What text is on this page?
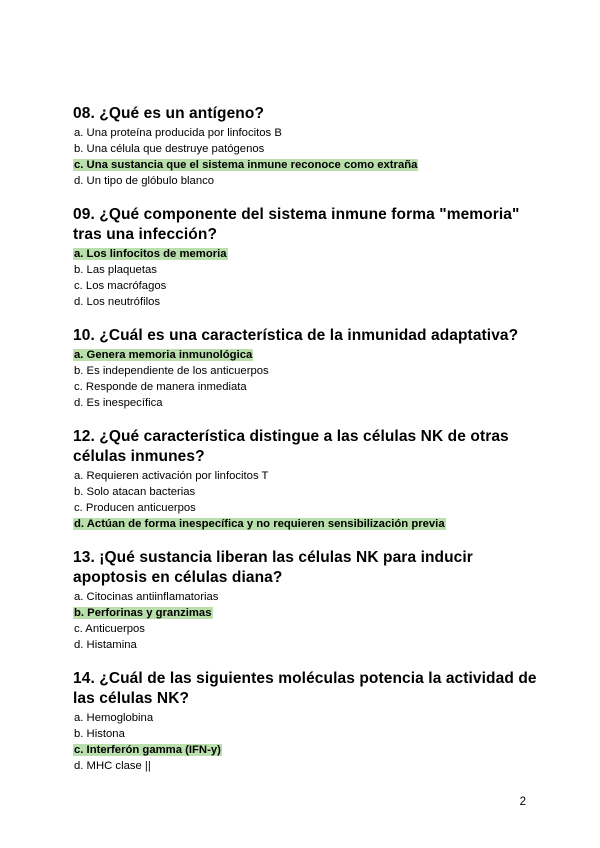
08. ¿Qué es un antígeno?
a. Una proteína producida por linfocitos B
b. Una célula que destruye patógenos
c. Una sustancia que el sistema inmune reconoce como extraña
d. Un tipo de glóbulo blanco
09. ¿Qué componente del sistema inmune forma "memoria" tras una infección?
a. Los linfocitos de memoria
b. Las plaquetas
c. Los macrófagos
d. Los neutrófilos
10. ¿Cuál es una característica de la inmunidad adaptativa?
a. Genera memoria inmunológica
b. Es independiente de los anticuerpos
c. Responde de manera inmediata
d. Es inespecífica
12. ¿Qué característica distingue a las células NK de otras células inmunes?
a. Requieren activación por linfocitos T
b. Solo atacan bacterias
c. Producen anticuerpos
d. Actúan de forma inespecífica y no requieren sensibilización previa
13. ¡Qué sustancia liberan las células NK para inducir apoptosis en células diana?
a. Citocinas antiinflamatorias
b. Perforinas y granzimas
c. Anticuerpos
d. Histamina
14. ¿Cuál de las siguientes moléculas potencia la actividad de las células NK?
a. Hemoglobina
b. Histona
c. Interferón gamma (IFN-y)
d. MHC clase ||
2
